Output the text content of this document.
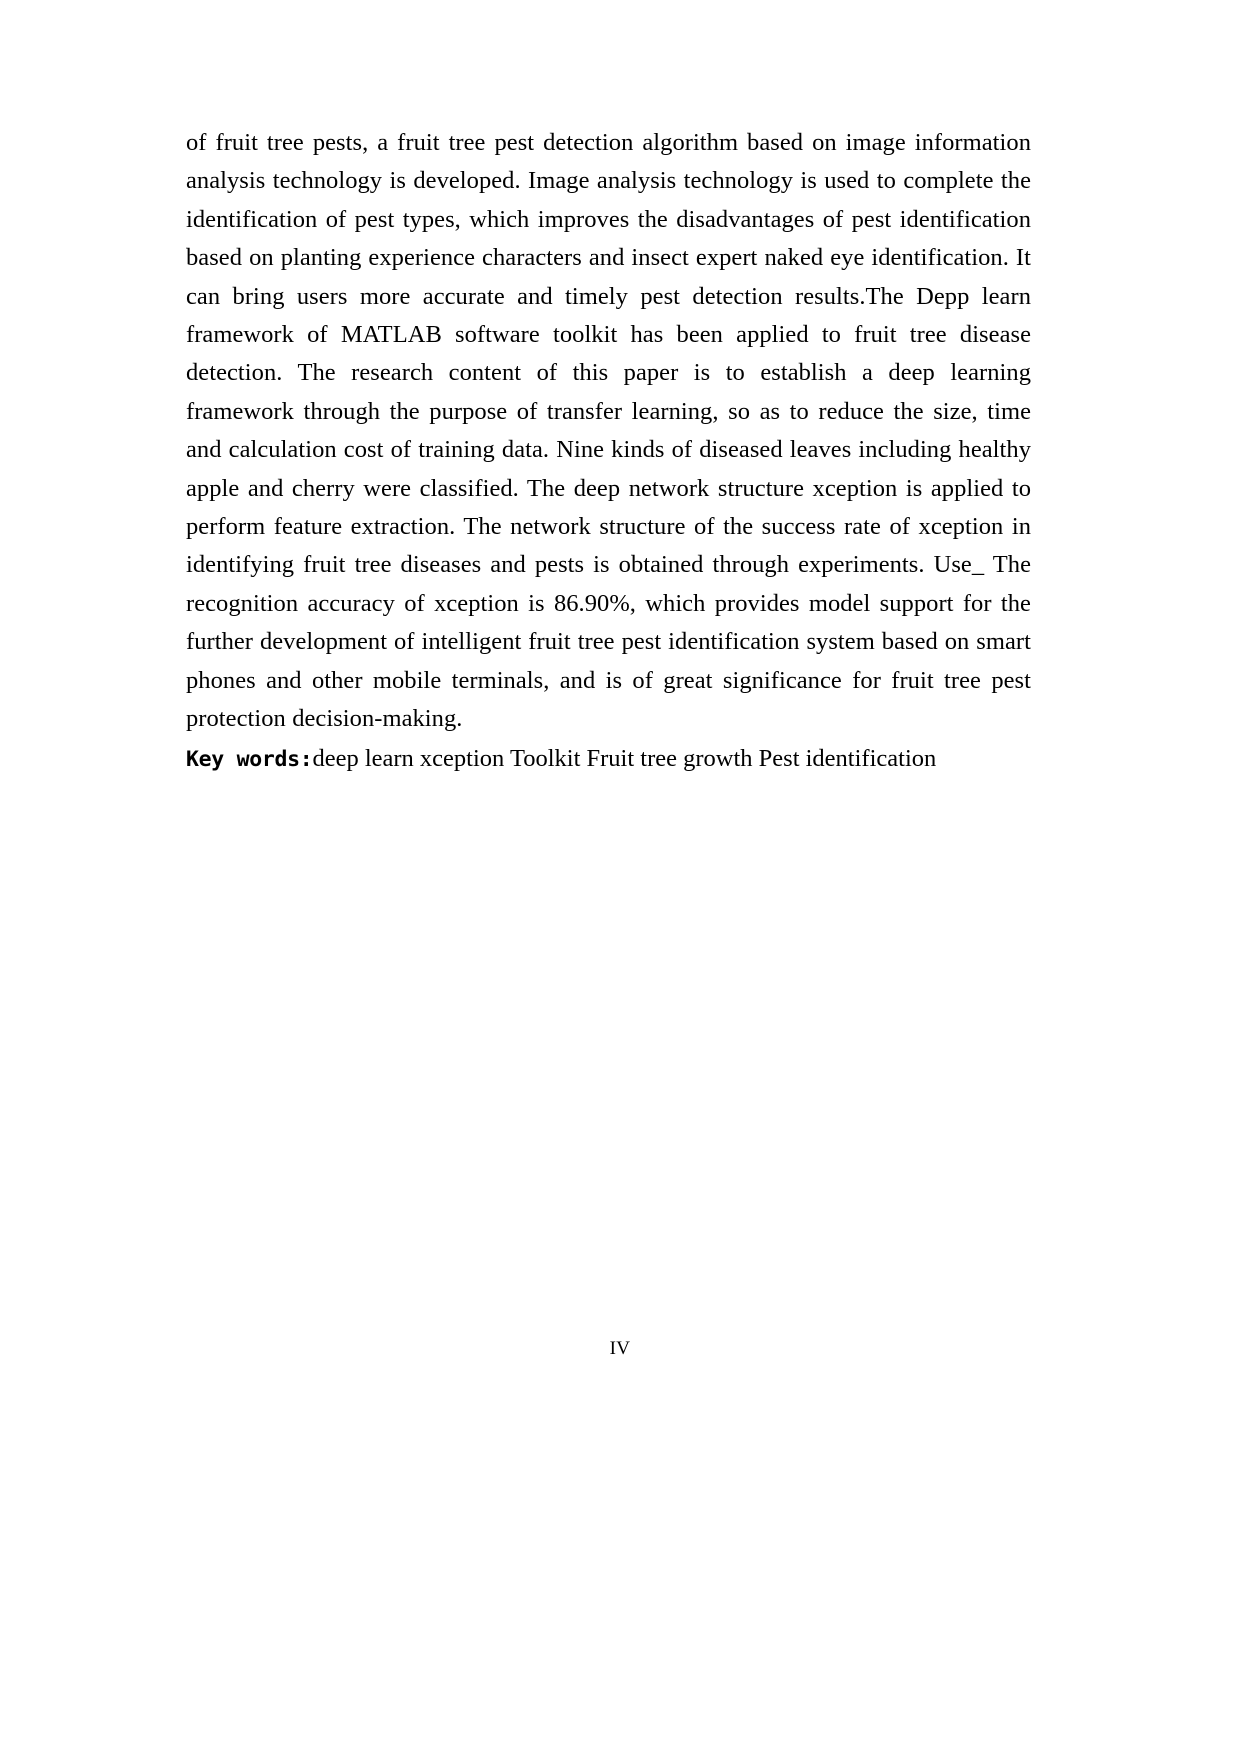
of fruit tree pests, a fruit tree pest detection algorithm based on image information analysis technology is developed. Image analysis technology is used to complete the identification of pest types, which improves the disadvantages of pest identification based on planting experience characters and insect expert naked eye identification. It can bring users more accurate and timely pest detection results.The Depp learn framework of MATLAB software toolkit has been applied to fruit tree disease detection. The research content of this paper is to establish a deep learning framework through the purpose of transfer learning, so as to reduce the size, time and calculation cost of training data. Nine kinds of diseased leaves including healthy apple and cherry were classified. The deep network structure xception is applied to perform feature extraction. The network structure of the success rate of xception in identifying fruit tree diseases and pests is obtained through experiments. Use_ The recognition accuracy of xception is 86.90%, which provides model support for the further development of intelligent fruit tree pest identification system based on smart phones and other mobile terminals, and is of great significance for fruit tree pest protection decision-making.

Key words:deep learn xception Toolkit Fruit tree growth Pest identification

IV
